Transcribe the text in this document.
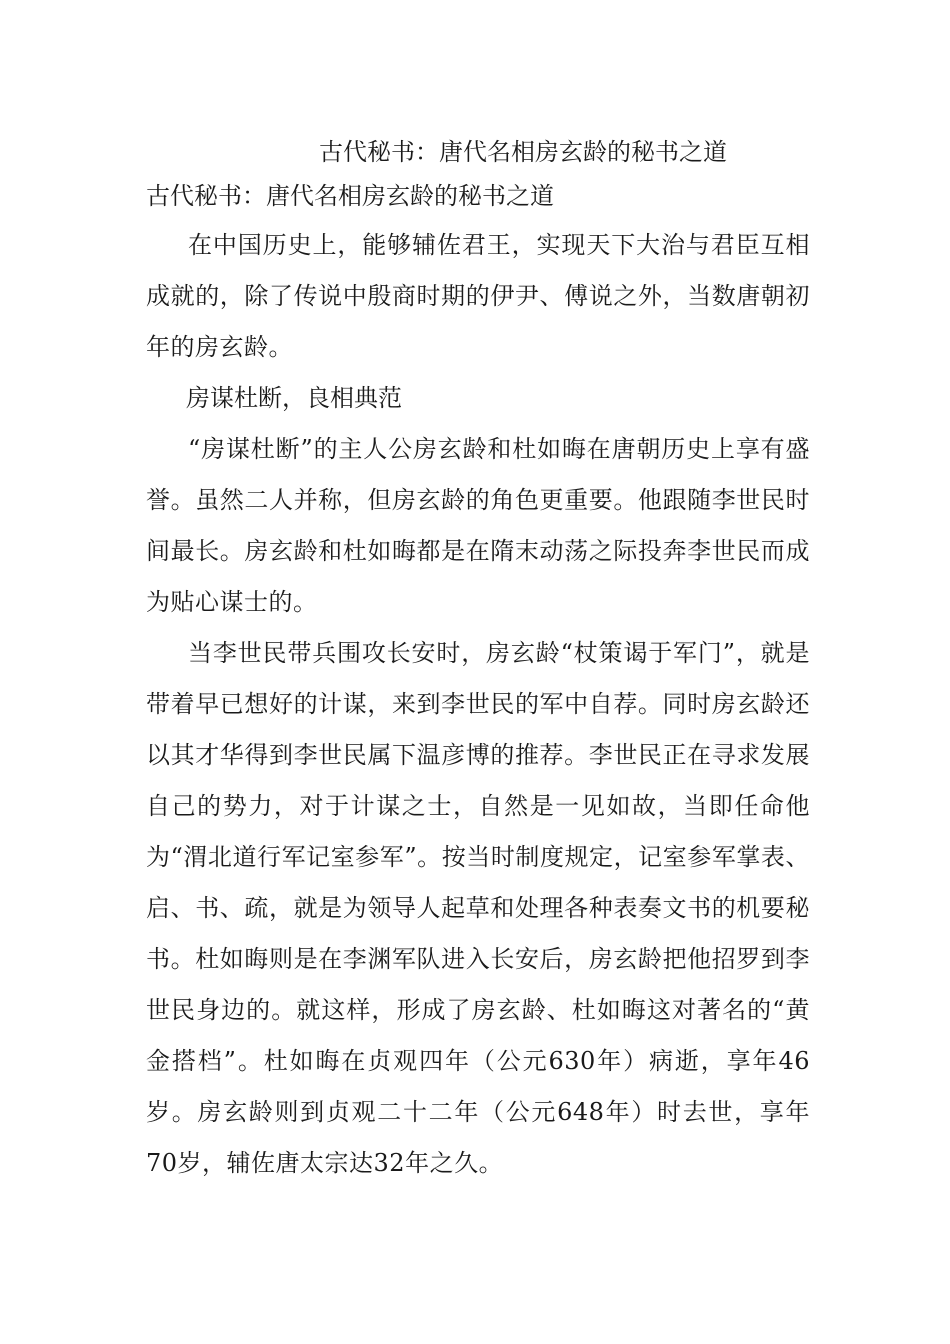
古代秘书：唐代名相房玄龄的秘书之道
古代秘书：唐代名相房玄龄的秘书之道

在中国历史上，能够辅佐君王，实现天下大治与君臣互相成就的，除了传说中殷商时期的伊尹、傅说之外，当数唐朝初年的房玄龄。

房谋杜断，良相典范

“房谋杜断”的主人公房玄龄和杜如晦在唐朝历史上享有盛誉。虽然二人并称，但房玄龄的角色更重要。他跟随李世民时间最长。房玄龄和杜如晦都是在隋末动荡之际投奔李世民而成为贴心谋士的。

当李世民带兵围攻长安时，房玄龄“杖策谒于军门”，就是带着早已想好的计谋，来到李世民的军中自荐。同时房玄龄还以其才华得到李世民属下温彦博的推荐。李世民正在寻求发展自己的势力，对于计谋之士，自然是一见如故，当即任命他为“渭北道行军记室参军”。按当时制度规定，记室参军掌表、启、书、疏，就是为领导人起草和处理各种表奏文书的机要秘书。杜如晦则是在李渊军队进入长安后，房玄龄把他招罗到李世民身边的。就这样，形成了房玄龄、杜如晦这对著名的“黄金搭档”。杜如晦在贞观四年（公元630年）病逝，享年46岁。房玄龄则到贞观二十二年（公元648年）时去世，享年70岁，辅佐唐太宗达32年之久。
